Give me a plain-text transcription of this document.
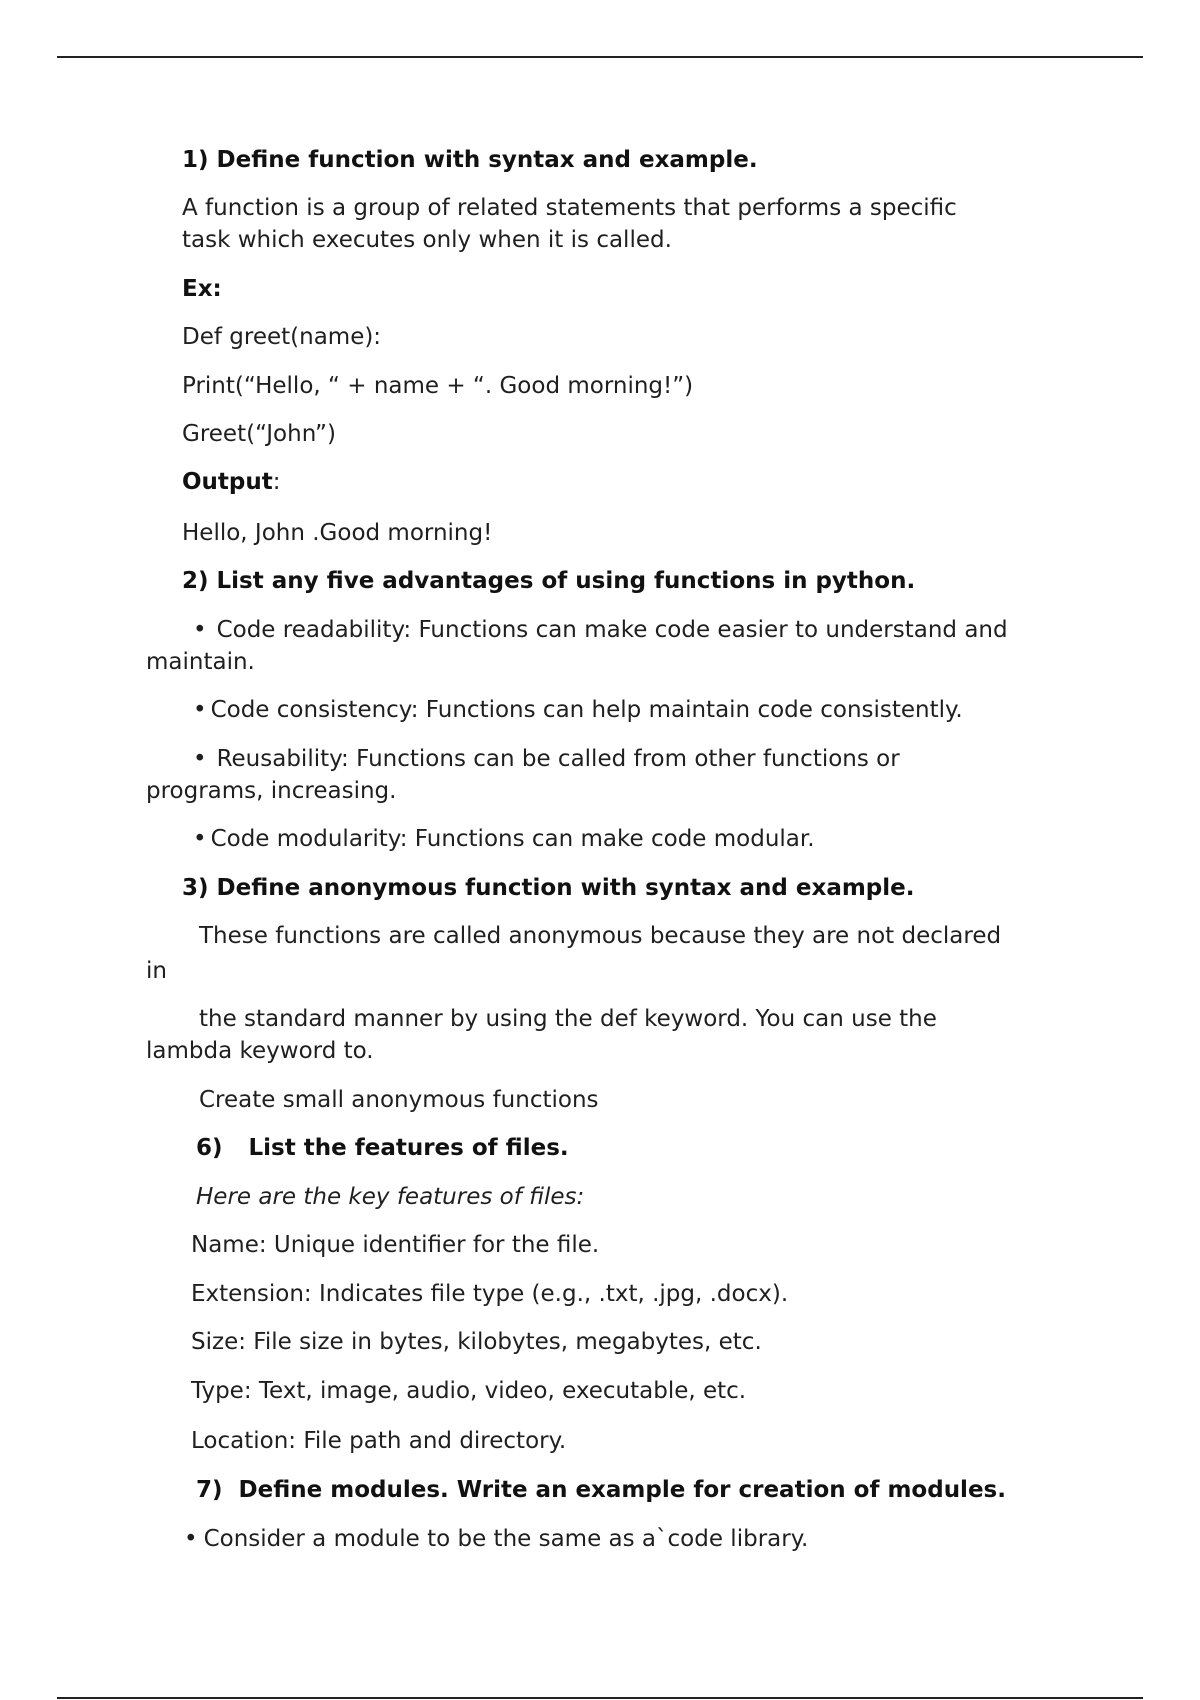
1) Define function with syntax and example.

A function is a group of related statements that performs a specific

task which executes only when it is called.

Ex:

Def greet(name):

Print(“Hello, “ + name + “. Good morning!”)

Greet(“John”)

Output:

Hello, John .Good morning!

2) List any five advantages of using functions in python.

• Code readability: Functions can make code easier to understand and

maintain.

• Code consistency: Functions can help maintain code consistently.

• Reusability: Functions can be called from other functions or

programs, increasing.

• Code modularity: Functions can make code modular.

3) Define anonymous function with syntax and example.

These functions are called anonymous because they are not declared

in

the standard manner by using the def keyword. You can use the

lambda keyword to.

Create small anonymous functions

6) List the features of files.

Here are the key features of files:

Name: Unique identifier for the file.

Extension: Indicates file type (e.g., .txt, .jpg, .docx).

Size: File size in bytes, kilobytes, megabytes, etc.

Type: Text, image, audio, video, executable, etc.

Location: File path and directory.

7) Define modules. Write an example for creation of modules.

• Consider a module to be the same as a`code library.
